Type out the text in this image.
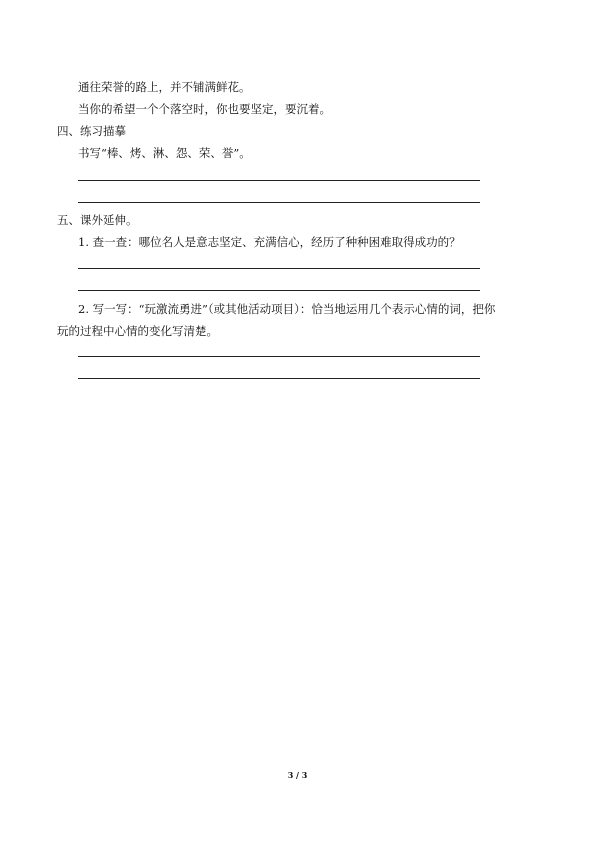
通往荣誉的路上，并不铺满鲜花。
当你的希望一个个落空时，你也要坚定，要沉着。
四、练习描摹
书写“棒、烤、淋、怨、荣、誉”。
五、课外延伸。
1. 查一查：哪位名人是意志坚定、充满信心，经历了种种困难取得成功的？
2. 写一写：“玩激流勇进”（或其他活动项目）：恰当地运用几个表示心情的词，把你
玩的过程中心情的变化写清楚。
3 / 3
